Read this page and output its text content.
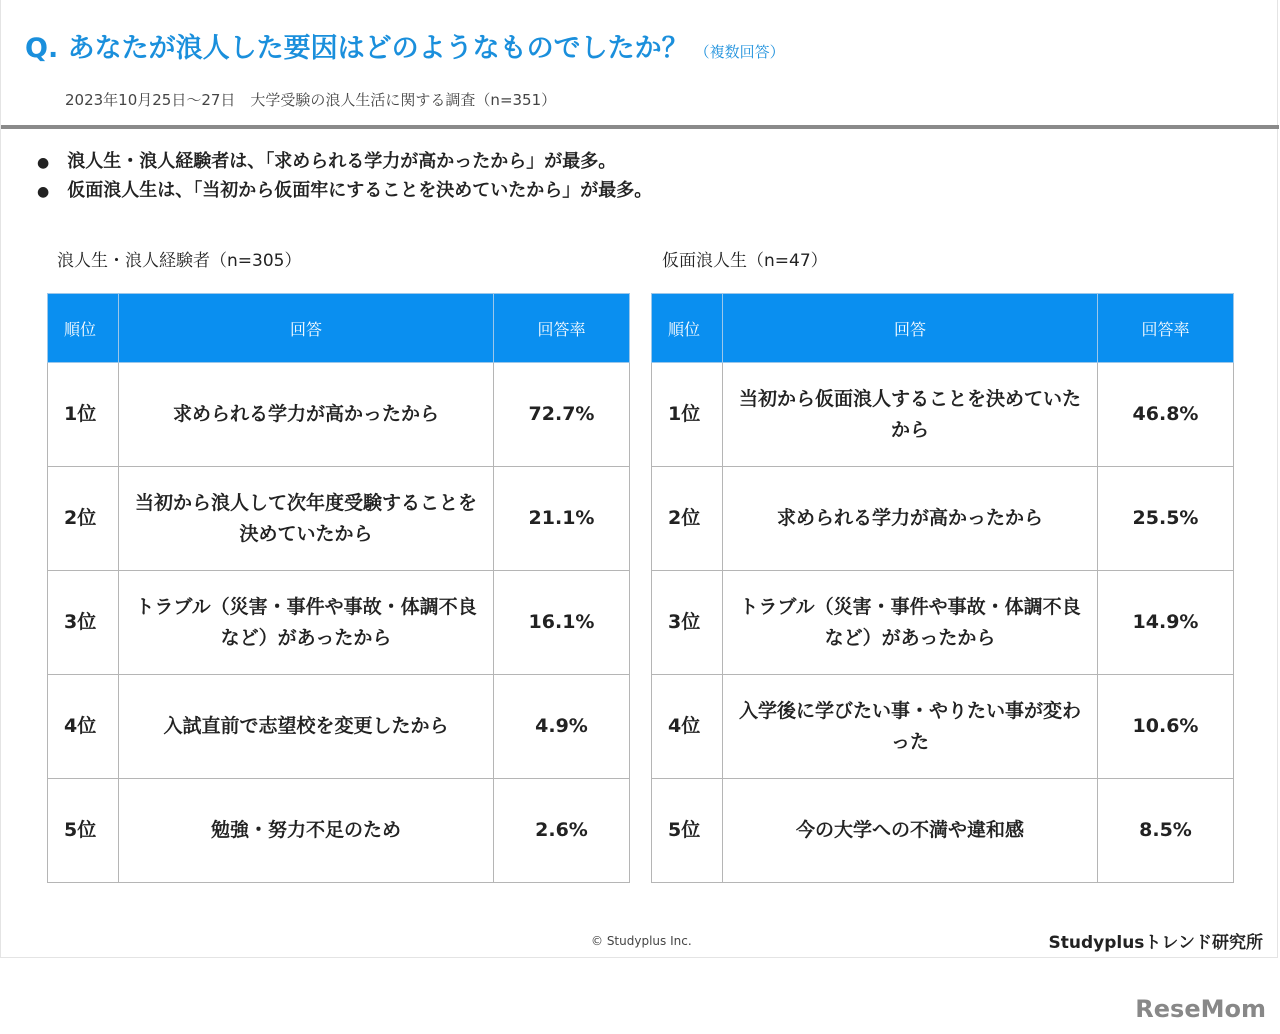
Q. あなたが浪人した要因はどのようなものでしたか？ （複数回答）
2023年10月25日～27日　大学受験の浪人生活に関する調査（n=351）
● 浪人生・浪人経験者は、「求められる学力が高かったから」が最多。
● 仮面浪人生は、「当初から仮面牢にすることを決めていたから」が最多。
浪人生・浪人経験者（n=305）	仮面浪人生（n=47）
順位	回答	回答率
1位	求められる学力が高かったから	72.7%
2位	当初から浪人して次年度受験することを決めていたから	21.1%
3位	トラブル（災害・事件や事故・体調不良など）があったから	16.1%
4位	入試直前で志望校を変更したから	4.9%
5位	勉強・努力不足のため	2.6%
順位	回答	回答率
1位	当初から仮面浪人することを決めていたから	46.8%
2位	求められる学力が高かったから	25.5%
3位	トラブル（災害・事件や事故・体調不良など）があったから	14.9%
4位	入学後に学びたい事・やりたい事が変わった	10.6%
5位	今の大学への不満や違和感	8.5%
© Studyplus Inc.	Studyplusトレンド研究所
ReseMom
